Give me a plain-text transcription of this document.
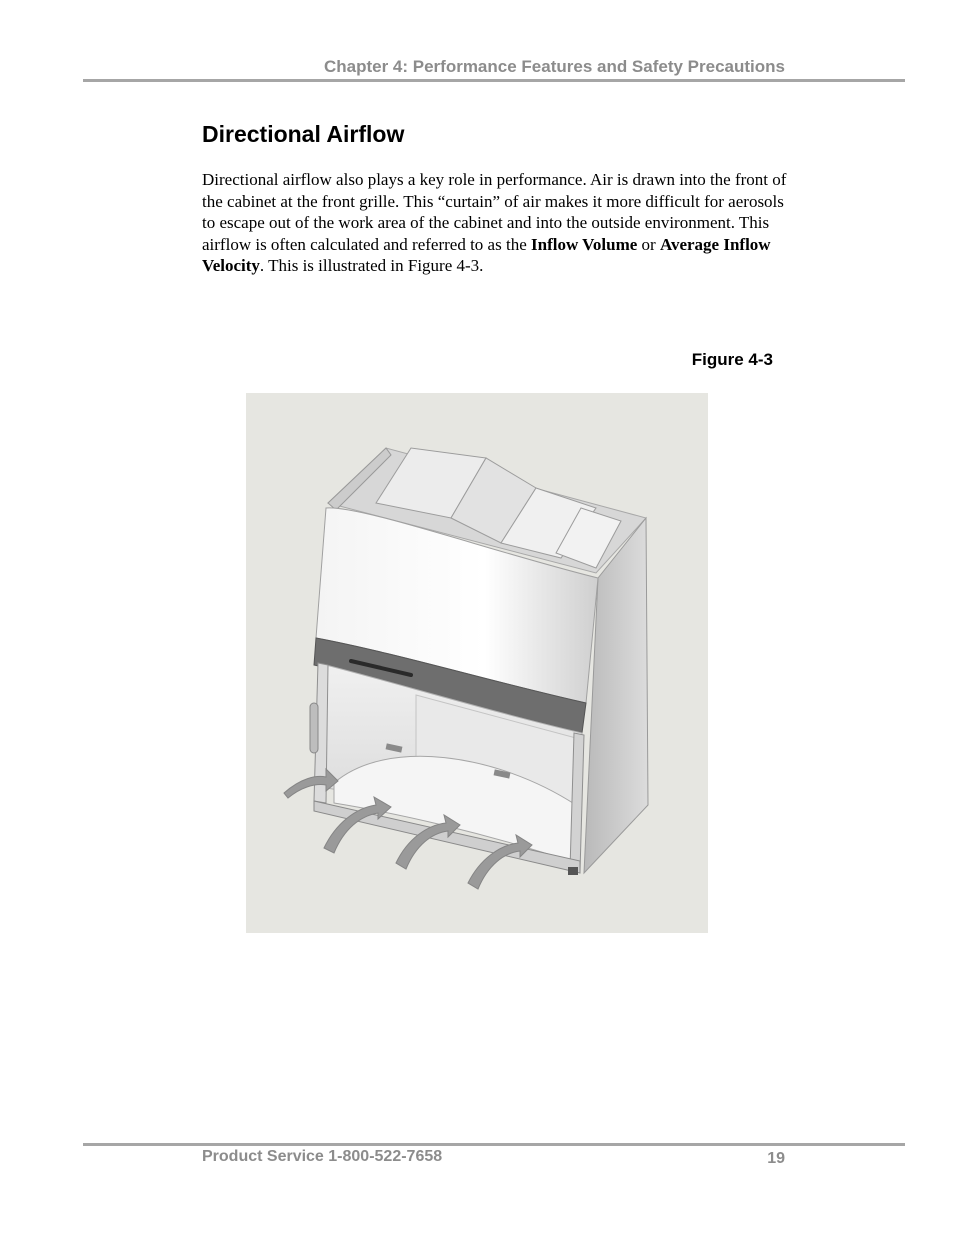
Chapter 4: Performance Features and Safety Precautions
Directional Airflow

Directional airflow also plays a key role in performance. Air is drawn into the front of the cabinet at the front grille. This “curtain” of air makes it more difficult for aerosols to escape out of the work area of the cabinet and into the outside environment. This airflow is often calculated and referred to as the Inflow Volume or Average Inflow Velocity. This is illustrated in Figure 4-3.

Figure 4-3
Product Service 1-800-522-7658	19
